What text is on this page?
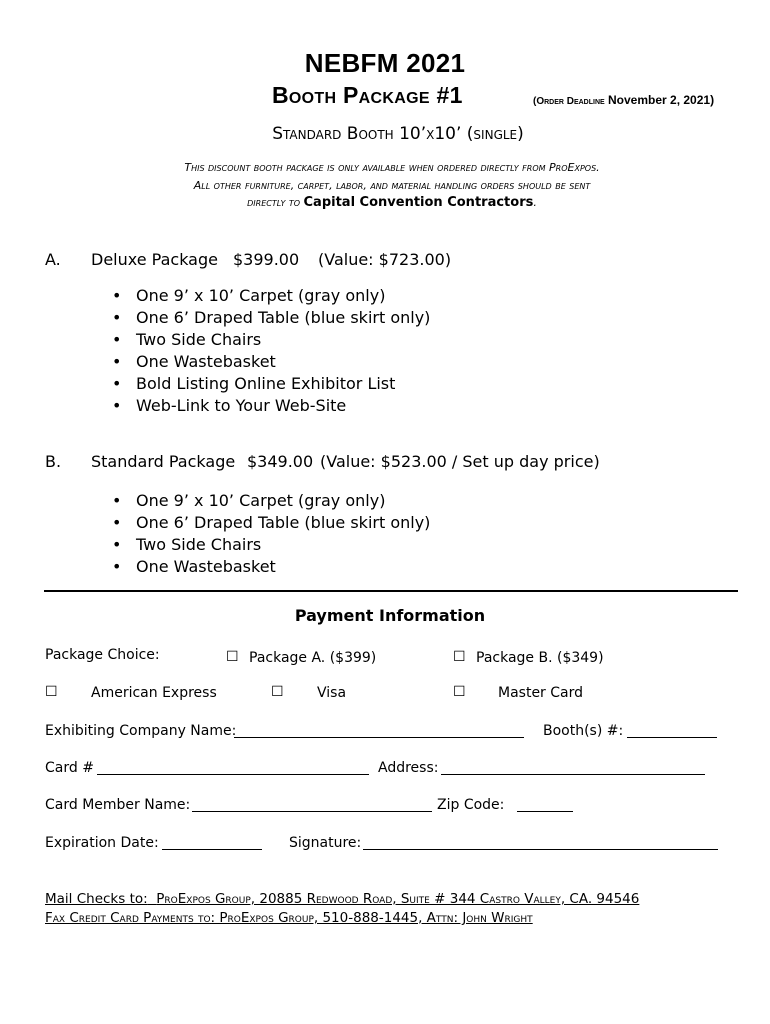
NEBFM 2021
Booth Package #1	(Order Deadline November 2, 2021)
Standard Booth 10’x10’ (single)
This discount booth package is only available when ordered directly from ProExpos.
All other furniture, carpet, labor, and material handling orders should be sent
directly to Capital Convention Contractors.
A. Deluxe Package $399.00 (Value: $723.00)
• One 9’ x 10’ Carpet (gray only)
• One 6’ Draped Table (blue skirt only)
• Two Side Chairs
• One Wastebasket
• Bold Listing Online Exhibitor List
• Web-Link to Your Web-Site
B. Standard Package $349.00 (Value: $523.00 / Set up day price)
• One 9’ x 10’ Carpet (gray only)
• One 6’ Draped Table (blue skirt only)
• Two Side Chairs
• One Wastebasket
Payment Information
Package Choice:	☐ Package A. ($399)	☐ Package B. ($349)
☐ American Express	☐ Visa	☐ Master Card
Exhibiting Company Name:	Booth(s) #:
Card #	Address:
Card Member Name:	Zip Code:
Expiration Date:	Signature:
Mail Checks to: ProExpos Group, 20885 Redwood Road, Suite # 344 Castro Valley, CA. 94546
Fax Credit Card Payments to: ProExpos Group, 510-888-1445, Attn: John Wright
